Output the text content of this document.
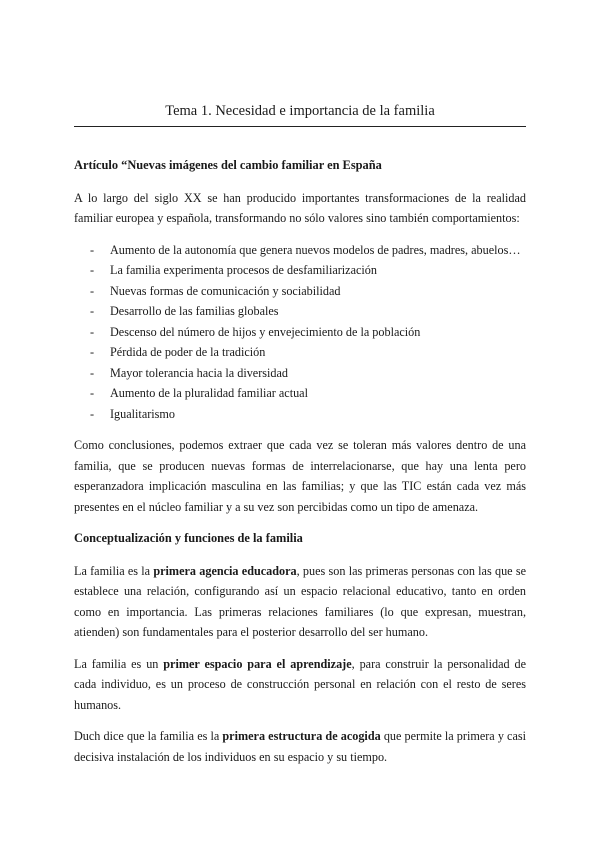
Tema 1. Necesidad e importancia de la familia
Artículo “Nuevas imágenes del cambio familiar en España

A lo largo del siglo XX se han producido importantes transformaciones de la realidad familiar europea y española, transformando no sólo valores sino también comportamientos:

- Aumento de la autonomía que genera nuevos modelos de padres, madres, abuelos…
- La familia experimenta procesos de desfamiliarización
- Nuevas formas de comunicación y sociabilidad
- Desarrollo de las familias globales
- Descenso del número de hijos y envejecimiento de la población
- Pérdida de poder de la tradición
- Mayor tolerancia hacia la diversidad
- Aumento de la pluralidad familiar actual
- Igualitarismo

Como conclusiones, podemos extraer que cada vez se toleran más valores dentro de una familia, que se producen nuevas formas de interrelacionarse, que hay una lenta pero esperanzadora implicación masculina en las familias; y que las TIC están cada vez más presentes en el núcleo familiar y a su vez son percibidas como un tipo de amenaza.

Conceptualización y funciones de la familia

La familia es la primera agencia educadora, pues son las primeras personas con las que se establece una relación, configurando así un espacio relacional educativo, tanto en orden como en importancia. Las primeras relaciones familiares (lo que expresan, muestran, atienden) son fundamentales para el posterior desarrollo del ser humano.

La familia es un primer espacio para el aprendizaje, para construir la personalidad de cada individuo, es un proceso de construcción personal en relación con el resto de seres humanos.

Duch dice que la familia es la primera estructura de acogida que permite la primera y casi decisiva instalación de los individuos en su espacio y su tiempo.
